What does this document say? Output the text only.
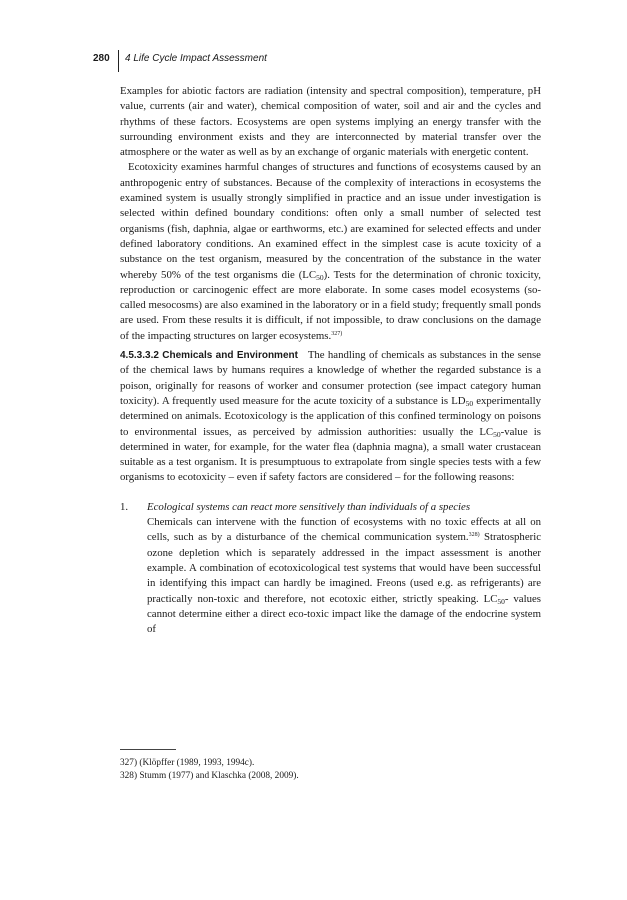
280 4 Life Cycle Impact Assessment

Examples for abiotic factors are radiation (intensity and spectral composition), temperature, pH value, currents (air and water), chemical composition of water, soil and air and the cycles and rhythms of these factors. Ecosystems are open systems implying an energy transfer with the surrounding environment exists and they are interconnected by material transfer over the atmosphere or the water as well as by an exchange of organic materials with energetic content.

Ecotoxicity examines harmful changes of structures and functions of ecosystems caused by an anthropogenic entry of substances. Because of the complexity of interactions in ecosystems the examined system is usually strongly simplified in practice and an issue under investigation is selected within defined boundary conditions: often only a small number of selected test organisms (fish, daphnia, algae or earthworms, etc.) are examined for selected effects and under defined laboratory conditions. An examined effect in the simplest case is acute toxicity of a substance on the test organism, measured by the concentration of the substance in the water whereby 50% of the test organisms die $(LC_{50})$. Tests for the determination of chronic toxicity, reproduction or carcinogenic effect are more elaborate. In some cases model ecosystems (so-called mesocosms) are also examined in the laboratory or in a field study; frequently small ponds are used. From these results it is difficult, if not impossible, to draw conclusions on the damage of the impacting structures on larger ecosystems.$^{327)}$

4.5.3.3.2 Chemicals and Environment The handling of chemicals as substances in the sense of the chemical laws by humans requires a knowledge of whether the regarded substance is a poison, originally for reasons of worker and consumer protection (see impact category human toxicity). A frequently used measure for the acute toxicity of a substance is $LD_{50}$ experimentally determined on animals. Ecotoxicology is the application of this confined terminology on poisons to environmental issues, as perceived by admission authorities: usually the $LC_{50}$-value is determined in water, for example, for the water flea (daphnia magna), a small water crustacean suitable as a test organism. It is presumptuous to extrapolate from single species tests with a few organisms to ecotoxicity – even if safety factors are considered – for the following reasons:

1. Ecological systems can react more sensitively than individuals of a species

Chemicals can intervene with the function of ecosystems with no toxic effects at all on cells, such as by a disturbance of the chemical communication system.$^{328)}$ Stratospheric ozone depletion which is separately addressed in the impact assessment is another example. A combination of ecotoxicological test systems that would have been successful in identifying this impact can hardly be imagined. Freons (used e.g. as refrigerants) are practically non-toxic and therefore, not ecotoxic either, strictly speaking. $LC_{50}-$ values cannot determine either a direct eco-toxic impact like the damage of the endocrine system of

327) (Klöpffer (1989, 1993, 1994c).
328) Stumm (1977) and Klaschka (2008, 2009).
